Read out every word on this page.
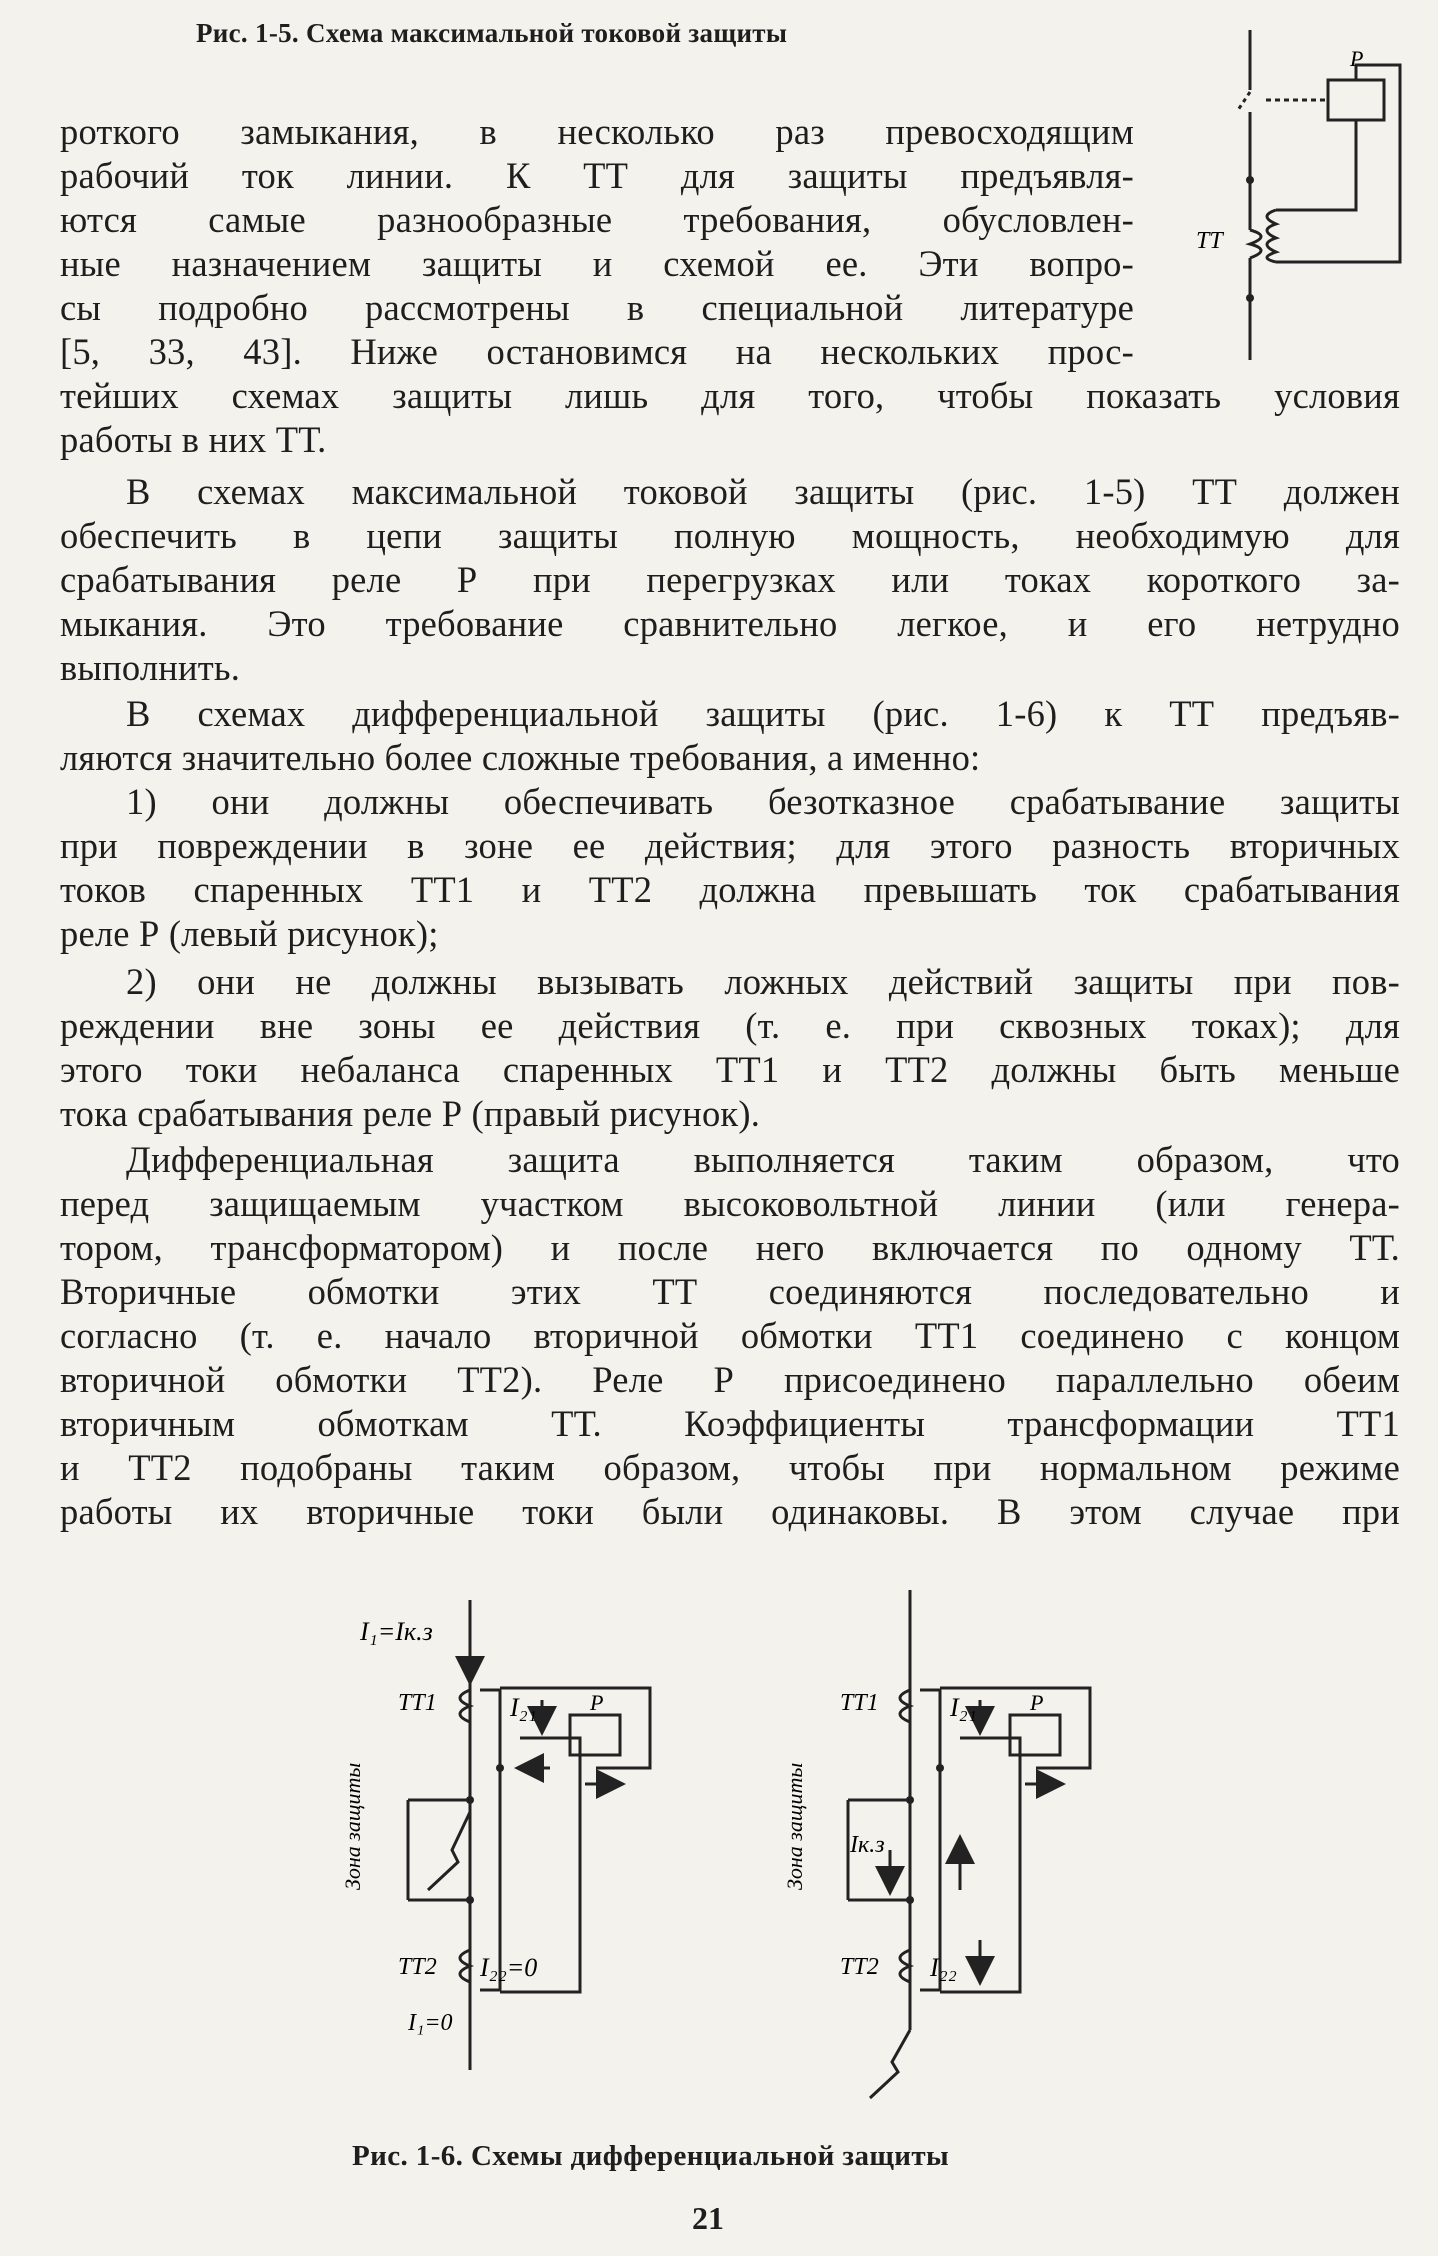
Рис. 1-5. Схема максимальной токовой защиты
Р
ТТ
роткого замыкания, в несколько раз превосходящим
рабочий ток линии. К ТТ для защиты предъявля-
ются самые разнообразные требования, обусловлен-
ные назначением защиты и схемой ее. Эти вопро-
сы подробно рассмотрены в специальной литературе
[5, 33, 43]. Ниже остановимся на нескольких прос-
тейших схемах защиты лишь для того, чтобы показать условия
работы в них ТТ.
В схемах максимальной токовой защиты (рис. 1-5) ТТ должен
обеспечить в цепи защиты полную мощность, необходимую для
срабатывания реле Р при перегрузках или токах короткого за-
мыкания. Это требование сравнительно легкое, и его нетрудно
выполнить.
В схемах дифференциальной защиты (рис. 1-6) к ТТ предъяв-
ляются значительно более сложные требования, а именно:
1) они должны обеспечивать безотказное срабатывание защиты
при повреждении в зоне ее действия; для этого разность вторичных
токов спаренных ТТ1 и ТТ2 должна превышать ток срабатывания
реле Р (левый рисунок);
2) они не должны вызывать ложных действий защиты при пов-
реждении вне зоны ее действия (т. е. при сквозных токах); для
этого токи небаланса спаренных ТТ1 и ТТ2 должны быть меньше
тока срабатывания реле Р (правый рисунок).
Дифференциальная защита выполняется таким образом, что
перед защищаемым участком высоковольтной линии (или генера-
тором, трансформатором) и после него включается по одному ТТ.
Вторичные обмотки этих ТТ соединяются последовательно и
согласно (т. е. начало вторичной обмотки ТТ1 соединено с концом
вторичной обмотки ТТ2). Реле Р присоединено параллельно обеим
вторичным обмоткам ТТ. Коэффициенты трансформации ТТ1
и ТТ2 подобраны таким образом, чтобы при нормальном режиме
работы их вторичные токи были одинаковы. В этом случае при
I₁=Iк.з
ТТ1	I₂₁ Р
Зона защиты
ТТ2 I₂₂=0
I₁=0
ТТ1	I₂₁ Р
Зона защиты Iк.з
ТТ2 I₂₂
Рис. 1-6. Схемы дифференциальной защиты
21
